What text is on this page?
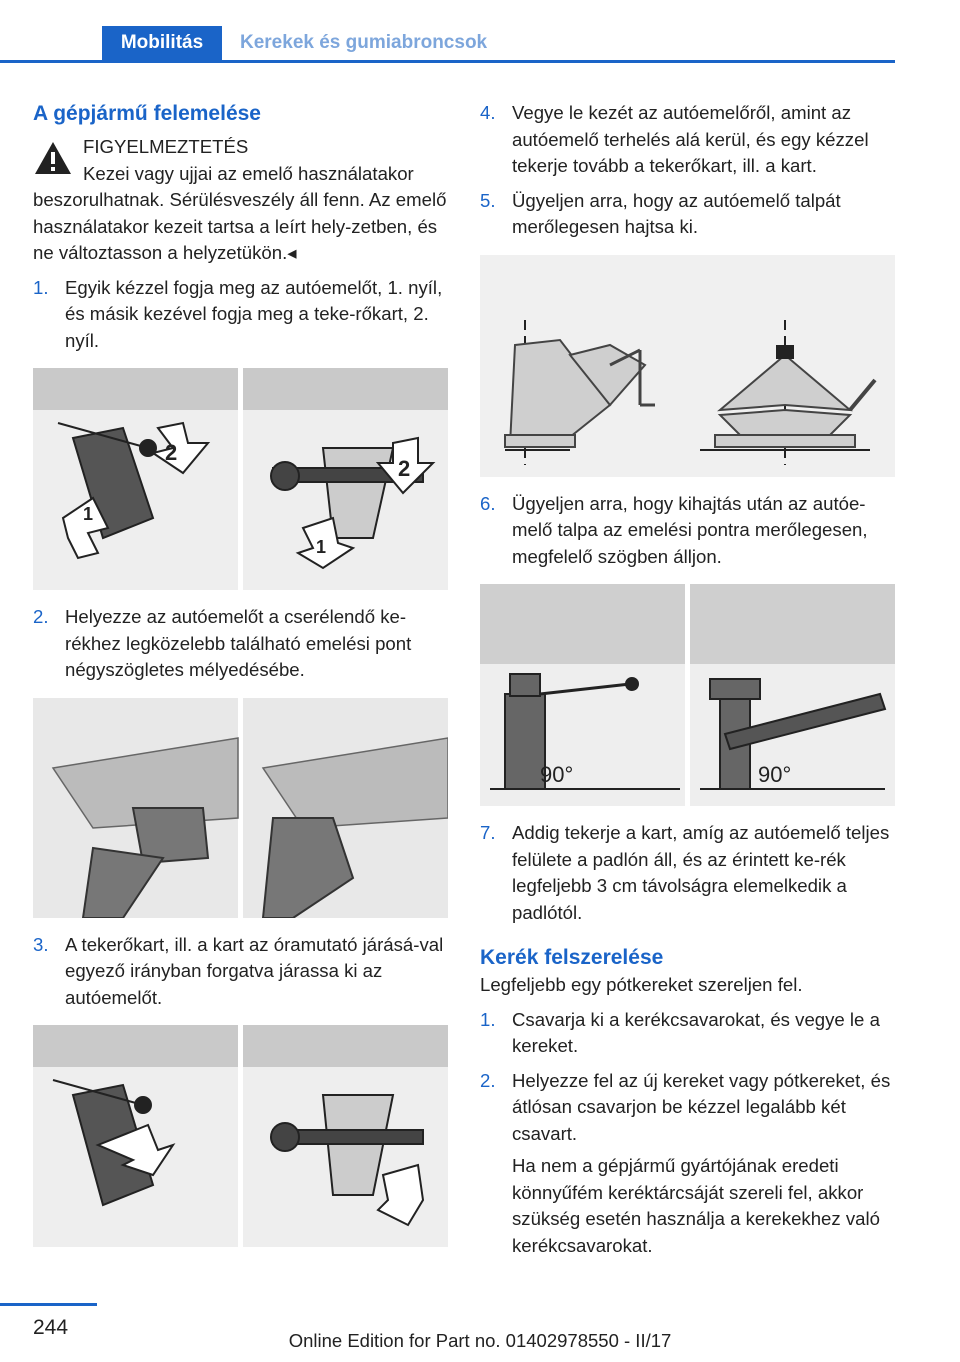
Mobilitás	Kerekek és gumiabroncsok
A gépjármű felemelése
FIGYELMEZTETÉS
Kezei vagy ujjai az emelő használatakor beszorulhatnak. Sérülésveszély áll fenn. Az emelő használatakor kezeit tartsa a leírt hely-zetben, és ne változtasson a helyzetükön.◂
1. Egyik kézzel fogja meg az autóemelőt, 1. nyíl, és másik kezével fogja meg a teke-rőkart, 2. nyíl.
1
2
2
1
2. Helyezze az autóemelőt a cserélendő ke-rékhez legközelebb található emelési pont négyszögletes mélyedésébe.
3. A tekerőkart, ill. a kart az óramutató járásá-val egyező irányban forgatva járassa ki az autóemelőt.
4. Vegye le kezét az autóemelőről, amint az autóemelő terhelés alá kerül, és egy kézzel tekerje tovább a tekerőkart, ill. a kart.
5. Ügyeljen arra, hogy az autóemelő talpát merőlegesen hajtsa ki.
6. Ügyeljen arra, hogy kihajtás után az autóe-melő talpa az emelési pontra merőlegesen, megfelelő szögben álljon.
90°	90°
7. Addig tekerje a kart, amíg az autóemelő teljes felülete a padlón áll, és az érintett ke-rék legfeljebb 3 cm távolságra elemelkedik a padlótól.
Kerék felszerelése
Legfeljebb egy pótkereket szereljen fel.
1. Csavarja ki a kerékcsavarokat, és vegye le a kereket.
2. Helyezze fel az új kereket vagy pótkereket, és átlósan csavarjon be kézzel legalább két csavart.
Ha nem a gépjármű gyártójának eredeti könnyűfém keréktárcsáját szereli fel, akkor szükség esetén használja a kerekekhez való kerékcsavarokat.
244
Online Edition for Part no. 01402978550 - II/17
